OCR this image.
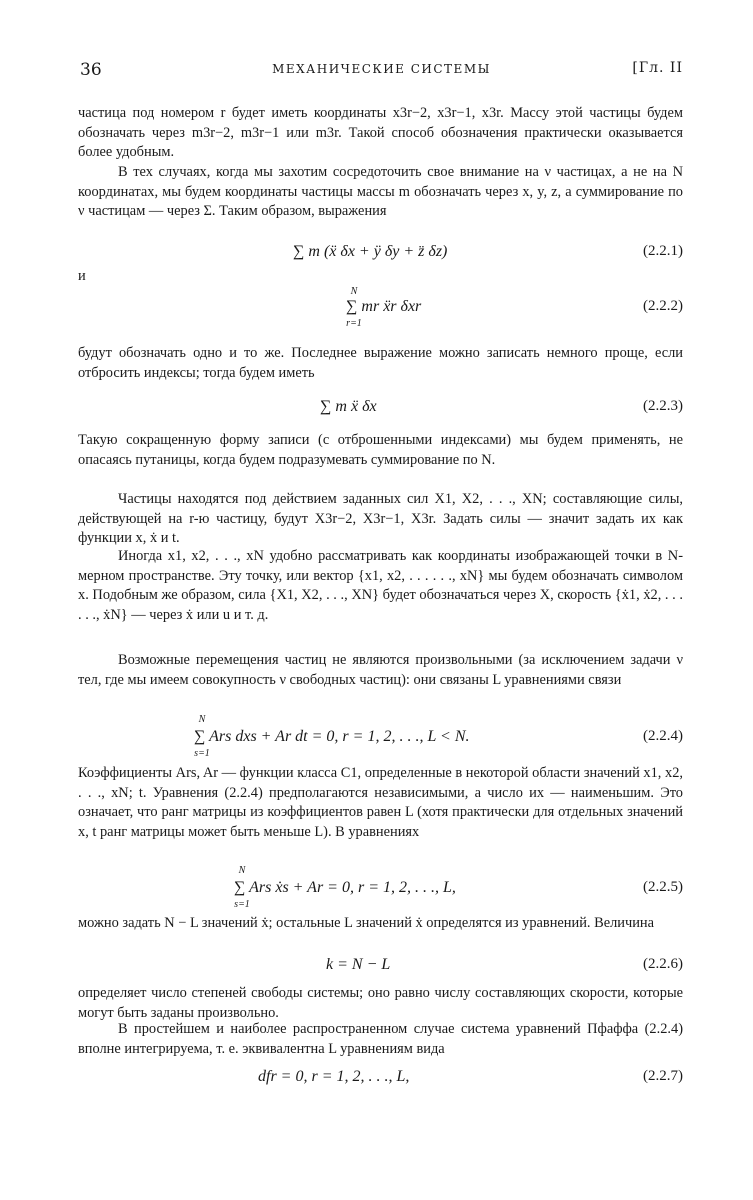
36	МЕХАНИЧЕСКИЕ СИСТЕМЫ	[Гл. II
частица под номером r будет иметь координаты x3r−2, x3r−1, x3r. Массу этой частицы будем обозначать через m3r−2, m3r−1 или m3r. Такой способ обозначения практически оказывается более удобным.
В тех случаях, когда мы захотим сосредоточить свое внимание на ν частицах, а не на N координатах, мы будем координаты частицы массы m обозначать через x, y, z, а суммирование по ν частицам — через Σ. Таким образом, выражения
∑ m (ẍ δx + ÿ δy + z̈ δz)	(2.2.1)
и
N
∑ mr ẍr δxr
r=1
(2.2.2)
будут обозначать одно и то же. Последнее выражение можно записать немного проще, если отбросить индексы; тогда будем иметь
∑ m ẍ δx	(2.2.3)
Такую сокращенную форму записи (с отброшенными индексами) мы будем применять, не опасаясь путаницы, когда будем подразумевать суммирование по N.
Частицы находятся под действием заданных сил X1, X2, . . ., XN; составляющие силы, действующей на r-ю частицу, будут X3r−2, X3r−1, X3r. Задать силы — значит задать их как функции x, ẋ и t.
Иногда x1, x2, . . ., xN удобно рассматривать как координаты изображающей точки в N-мерном пространстве. Эту точку, или вектор {x1, x2, . . . . . ., xN} мы будем обозначать символом x. Подобным же образом, сила {X1, X2, . . ., XN} будет обозначаться через X, скорость {ẋ1, ẋ2, . . . . . ., ẋN} — через ẋ или u и т. д.
Возможные перемещения частиц не являются произвольными (за исключением задачи ν тел, где мы имеем совокупность ν свободных частиц): они связаны L уравнениями связи
N
∑ Ars dxs + Ar dt = 0, r = 1, 2, . . ., L < N.
s=1
(2.2.4)
Коэффициенты Ars, Ar — функции класса C1, определенные в некоторой области значений x1, x2, . . ., xN; t. Уравнения (2.2.4) предполагаются независимыми, а число их — наименьшим. Это означает, что ранг матрицы из коэффициентов равен L (хотя практически для отдельных значений x, t ранг матрицы может быть меньше L). В уравнениях
N
∑ Ars ẋs + Ar = 0, r = 1, 2, . . ., L,
s=1
(2.2.5)
можно задать N − L значений ẋ; остальные L значений ẋ определятся из уравнений. Величина
k = N − L	(2.2.6)
определяет число степеней свободы системы; оно равно числу составляющих скорости, которые могут быть заданы произвольно.
В простейшем и наиболее распространенном случае система уравнений Пфаффа (2.2.4) вполне интегрируема, т. е. эквивалентна L уравнениям вида
dfr = 0, r = 1, 2, . . ., L,	(2.2.7)
